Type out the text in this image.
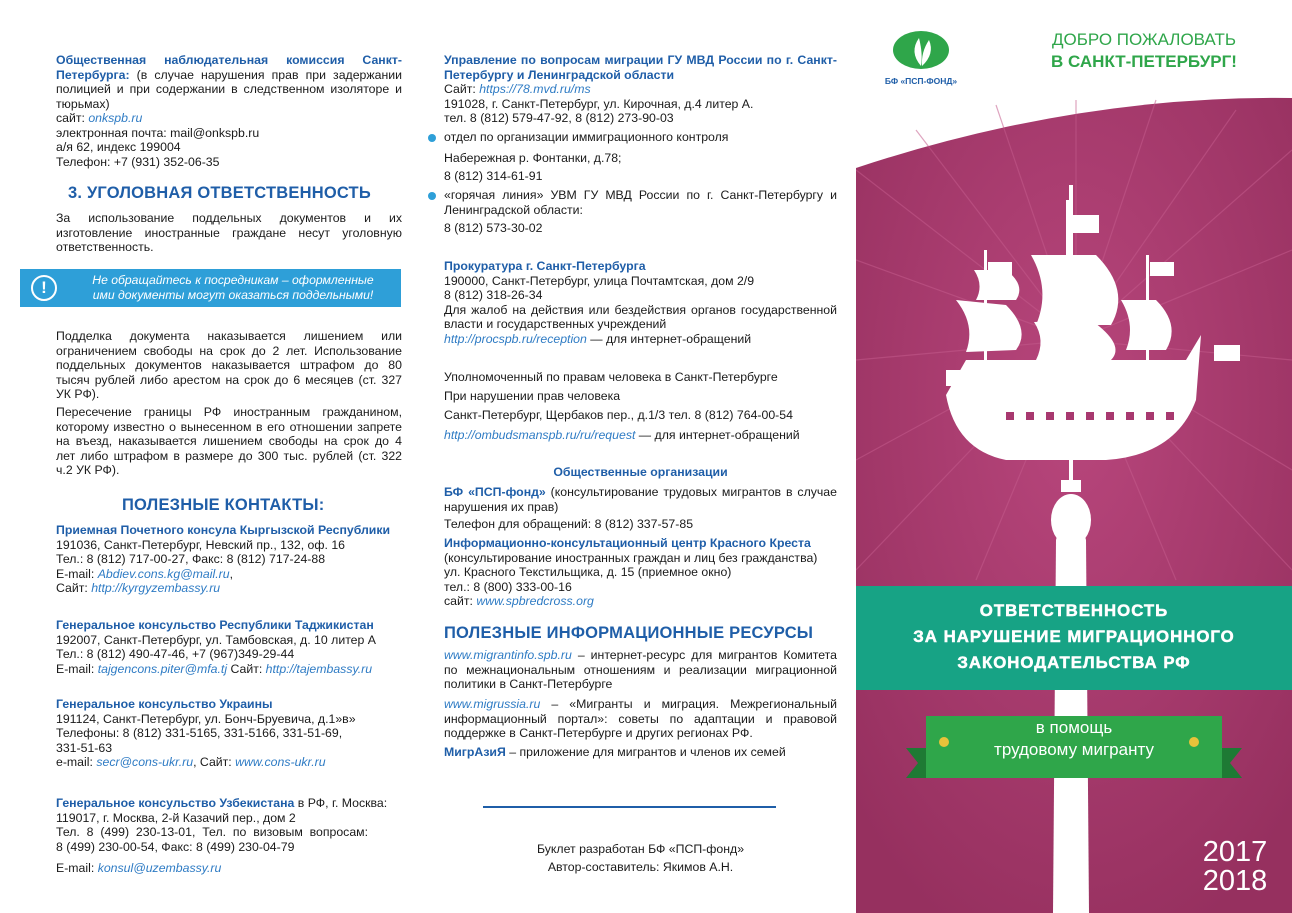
Общественная наблюдательная комиссия Санкт-Петербурга: (в случае нарушения прав при задержании полицией и при содержании в следственном изоляторе и тюрьмах)
сайт: onkspb.ru
электронная почта: mail@onkspb.ru
а/я 62, индекс 199004
Телефон: +7 (931) 352-06-35
3. УГОЛОВНАЯ ОТВЕТСТВЕННОСТЬ
За использование поддельных документов и их изготовление иностранные граждане несут уголовную ответственность.
Подделка документа наказывается лишением или ограничением свободы на срок до 2 лет. Использование поддельных документов наказывается штрафом до 80 тысяч рублей либо арестом на срок до 6 месяцев (ст. 327 УК РФ).
Пересечение границы РФ иностранным гражданином, которому известно о вынесенном в его отношении запрете на въезд, наказывается лишением свободы на срок до 4 лет либо штрафом в размере до 300 тыс. рублей (ст. 322 ч.2 УК РФ).
ПОЛЕЗНЫЕ КОНТАКТЫ:
Приемная Почетного консула Кыргызской Республики
191036, Санкт-Петербург, Невский пр., 132, оф. 16
Тел.: 8 (812) 717-00-27, Факс: 8 (812) 717-24-88
E-mail: Abdiev.cons.kg@mail.ru,
Сайт: http://kyrgyzembassy.ru
Генеральное консульство Республики Таджикистан
192007, Санкт-Петербург, ул. Тамбовская, д. 10 литер А
Тел.: 8 (812) 490-47-46, +7 (967)349-29-44
E-mail: tajgencons.piter@mfa.tj Сайт: http://tajembassy.ru
Генеральное консульство Украины
191124, Санкт-Петербург, ул. Бонч-Бруевича, д.1»в»
Телефоны: 8 (812) 331-5165, 331-5166, 331-51-69,
331-51-63
e-mail: secr@cons-ukr.ru, Сайт: www.cons-ukr.ru
Генеральное консульство Узбекистана в РФ, г. Москва:
119017, г. Москва, 2-й Казачий пер., дом 2
Тел.  8  (499)  230-13-01,  Тел.  по  визовым  вопросам:
8 (499) 230-00-54, Факс: 8 (499) 230-04-79
E-mail: konsul@uzembassy.ru
!	Не обращайтесь к посредникам – оформленные
ими документы могут оказаться поддельными!
Управление по вопросам миграции ГУ МВД России по г. Санкт-Петербургу и Ленинградской области
Сайт: https://78.mvd.ru/ms
191028, г. Санкт-Петербург, ул. Кирочная, д.4 литер А.
тел. 8 (812) 579-47-92, 8 (812) 273-90-03
отдел по организации иммиграционного контроля
Набережная р. Фонтанки, д.78;
8 (812) 314-61-91
«горячая линия» УВМ ГУ МВД России по г. Санкт-Петербургу и Ленинградской области:
8 (812) 573-30-02
Прокуратура г. Санкт-Петербурга
190000, Санкт-Петербург, улица Почтамтская, дом 2/9
8 (812) 318-26-34
Для жалоб на действия или бездействия органов государственной власти и государственных учреждений
http://procspb.ru/reception — для интернет-обращений
Уполномоченный по правам человека в Санкт-Петербурге
При нарушении прав человека
Санкт-Петербург, Щербаков пер., д.1/3 тел. 8 (812) 764-00-54
http://ombudsmanspb.ru/ru/request — для интернет-обращений
Общественные организации
БФ «ПСП-фонд» (консультирование трудовых мигрантов в случае нарушения их прав)
Телефон для обращений: 8 (812) 337-57-85
Информационно-консультационный центр Красного Креста
(консультирование иностранных граждан и лиц без гражданства)
ул. Красного Текстильщика, д. 15 (приемное окно)
тел.: 8 (800) 333-00-16
сайт: www.spbredcross.org
ПОЛЕЗНЫЕ ИНФОРМАЦИОННЫЕ РЕСУРСЫ
www.migrantinfo.spb.ru – интернет-ресурс для мигрантов Комитета по межнациональным отношениям и реализации миграционной политики в Санкт-Петербурге
www.migrussia.ru – «Мигранты и миграция. Межрегиональный информационный портал»: советы по адаптации и правовой поддержке в Санкт-Петербурге и других регионах РФ.
МигрАзиЯ – приложение для мигрантов и членов их семей
Буклет разработан БФ «ПСП-фонд»
Автор-составитель: Якимов А.Н.
БФ «ПСП-ФОНД»
ДОБРО ПОЖАЛОВАТЬ
В САНКТ-ПЕТЕРБУРГ!
ОТВЕТСТВЕННОСТЬ
ЗА НАРУШЕНИЕ МИГРАЦИОННОГО
ЗАКОНОДАТЕЛЬСТВА РФ
в помощь
трудовому мигранту
2017
2018
